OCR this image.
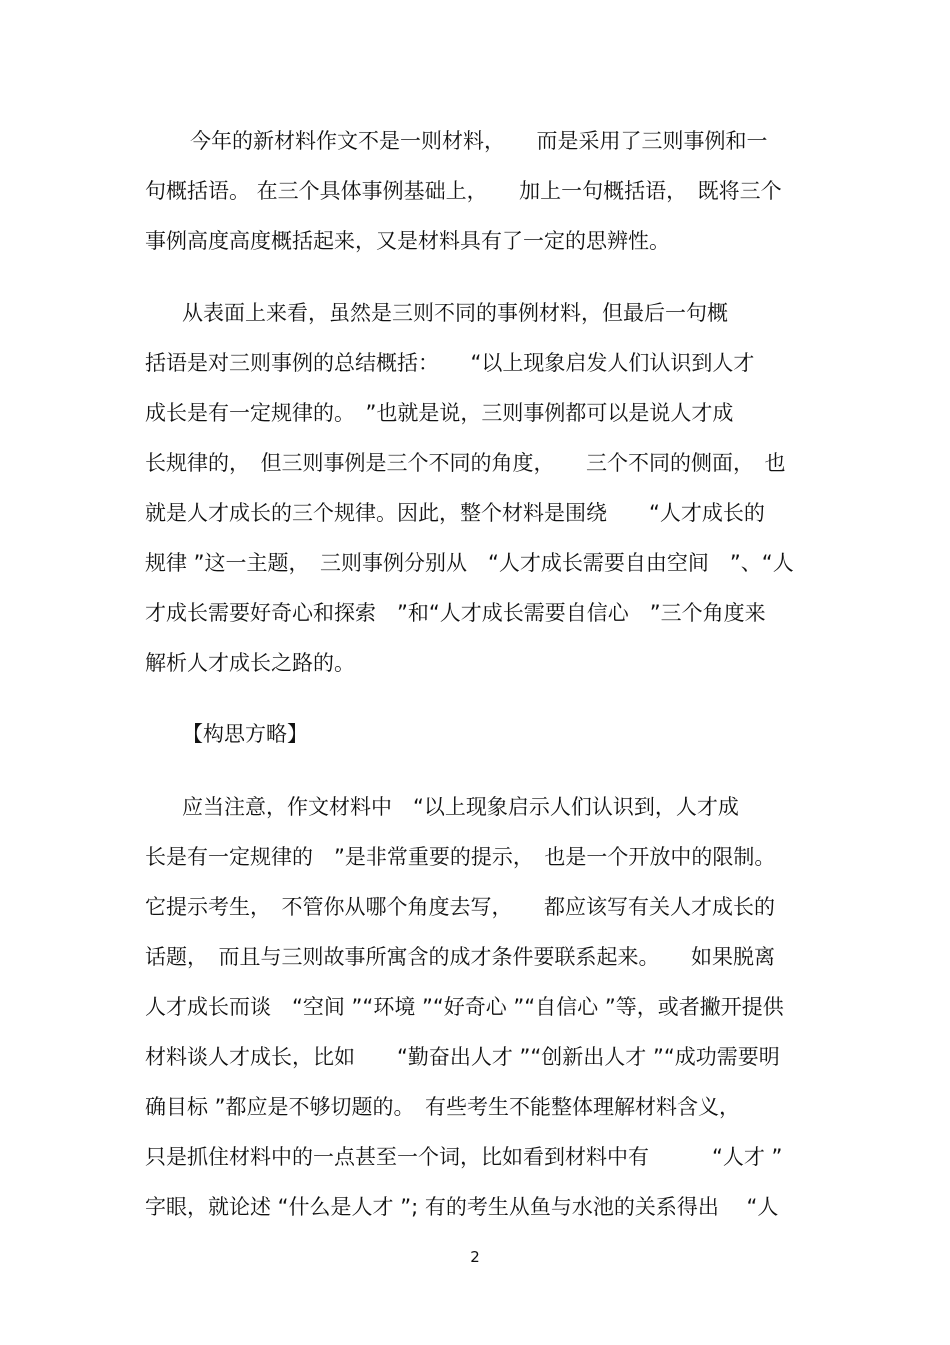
今年的新材料作文不是一则材料，　　而是采用了三则事例和一
句概括语。 在三个具体事例基础上，　　加上一句概括语，　既将三个
事例高度高度概括起来，又是材料具有了一定的思辨性。
从表面上来看，虽然是三则不同的事例材料，但最后一句概
括语是对三则事例的总结概括：　　“以上现象启发人们认识到人才
成长是有一定规律的。　”也就是说，三则事例都可以是说人才成
长规律的，　但三则事例是三个不同的角度，　　三个不同的侧面，　也
就是人才成长的三个规律。因此，整个材料是围绕　　“人才成长的
规律 ”这一主题，　三则事例分别从　“人才成长需要自由空间　”、“人
才成长需要好奇心和探索　”和“人才成长需要自信心　”三个角度来
解析人才成长之路的。
【构思方略】
应当注意，作文材料中　“以上现象启示人们认识到，人才成
长是有一定规律的　”是非常重要的提示，　也是一个开放中的限制。
它提示考生，　不管你从哪个角度去写，　　都应该写有关人才成长的
话题，　而且与三则故事所寓含的成才条件要联系起来。　　如果脱离
人才成长而谈　“空间 ”“环境 ”“好奇心 ”“自信心 ”等，或者撇开提供
材料谈人才成长，比如　　“勤奋出人才 ”“创新出人才 ”“成功需要明
确目标 ”都应是不够切题的。　有些考生不能整体理解材料含义，
只是抓住材料中的一点甚至一个词，比如看到材料中有　　　“人才 ”
字眼，就论述 “什么是人才 ”; 有的考生从鱼与水池的关系得出　 “人
2
